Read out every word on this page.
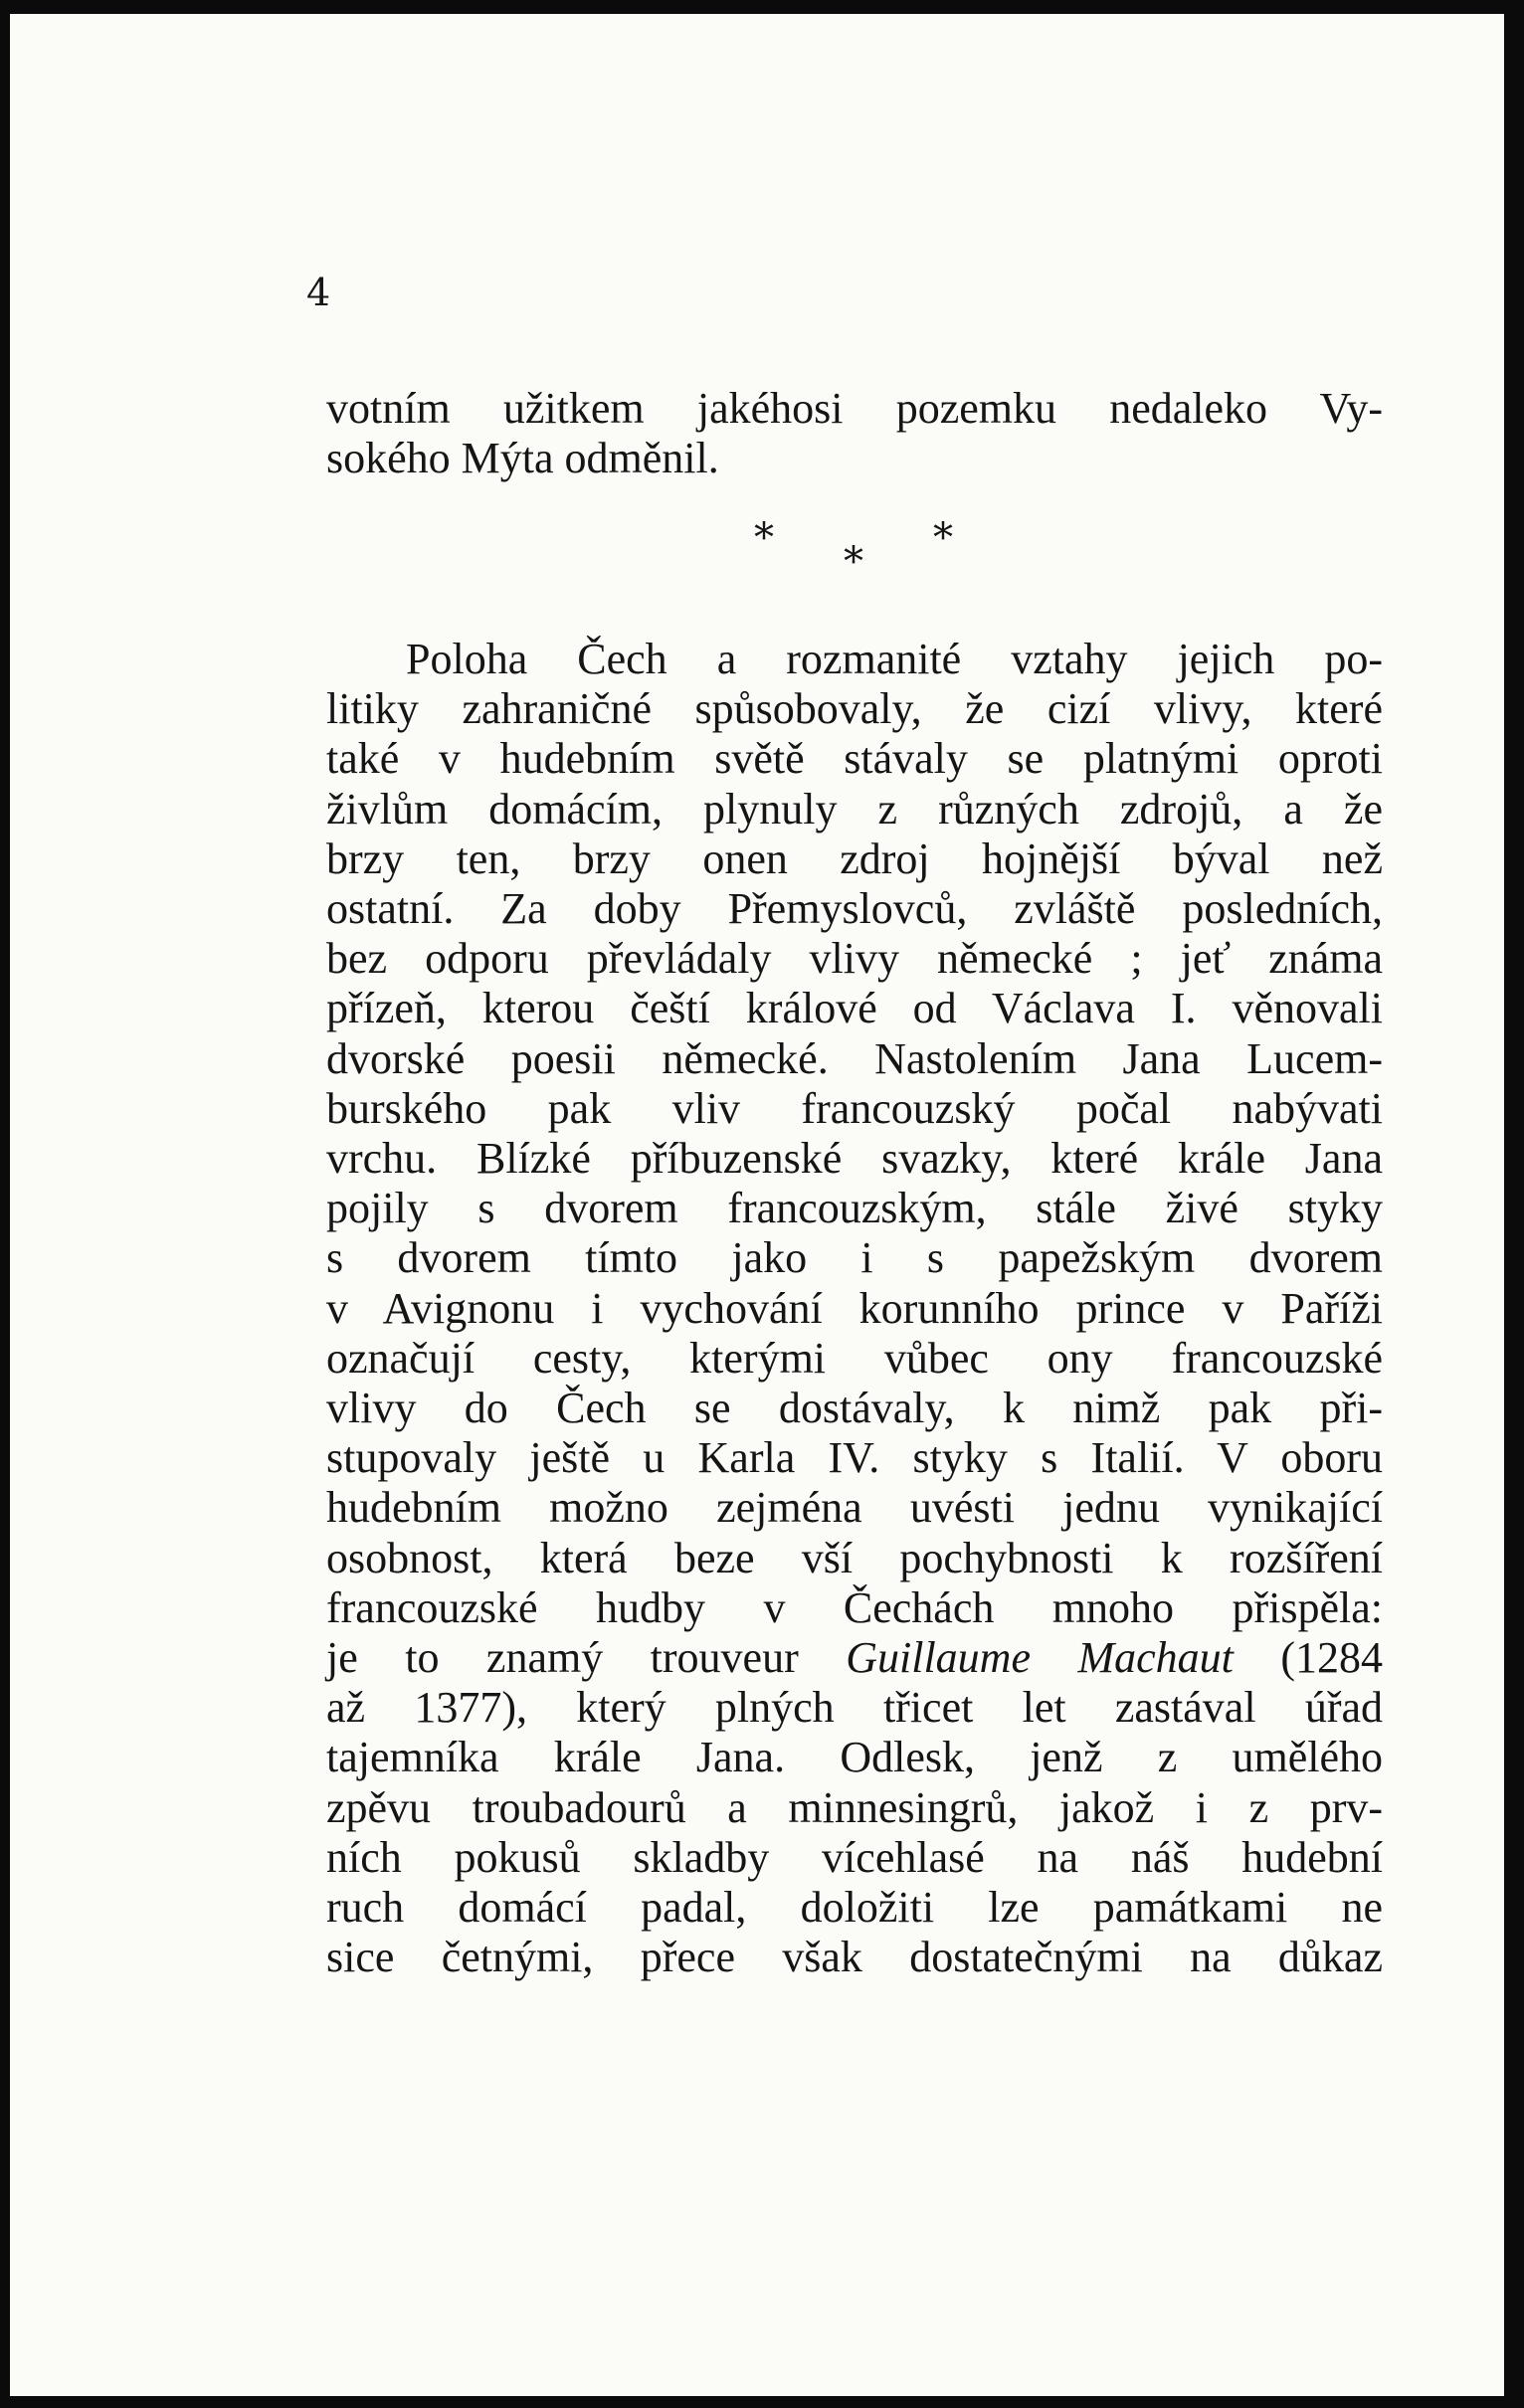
4

votním užitkem jakéhosi pozemku nedaleko Vy-

sokého Mýta odměnil.

*	*
*

Poloha Čech a rozmanité vztahy jejich po-

litiky zahraničné spůsobovaly, že cizí vlivy, které

také v hudebním světě stávaly se platnými oproti

živlům domácím, plynuly z různých zdrojů, a že

brzy ten, brzy onen zdroj hojnější býval než

ostatní. Za doby Přemyslovců, zvláště posledních,

bez odporu převládaly vlivy německé ; jeť známa

přízeň, kterou čeští králové od Václava I. věnovali

dvorské poesii německé. Nastolením Jana Lucem-

burského pak vliv francouzský počal nabývati

vrchu. Blízké příbuzenské svazky, které krále Jana

pojily s dvorem francouzským, stále živé styky

s dvorem tímto jako i s papežským dvorem

v Avignonu i vychování korunního prince v Paříži

označují cesty, kterými vůbec ony francouzské

vlivy do Čech se dostávaly, k nimž pak při-

stupovaly ještě u Karla IV. styky s Italií. V oboru

hudebním možno zejména uvésti jednu vynikající

osobnost, která beze vší pochybnosti k rozšíření

francouzské hudby v Čechách mnoho přispěla:

je to znamý trouveur Guillaume Machaut (1284

až 1377), který plných třicet let zastával úřad

tajemníka krále Jana. Odlesk, jenž z umělého

zpěvu troubadourů a minnesingrů, jakož i z prv-

ních pokusů skladby vícehlasé na náš hudební

ruch domácí padal, doložiti lze památkami ne

sice četnými, přece však dostatečnými na důkaz
